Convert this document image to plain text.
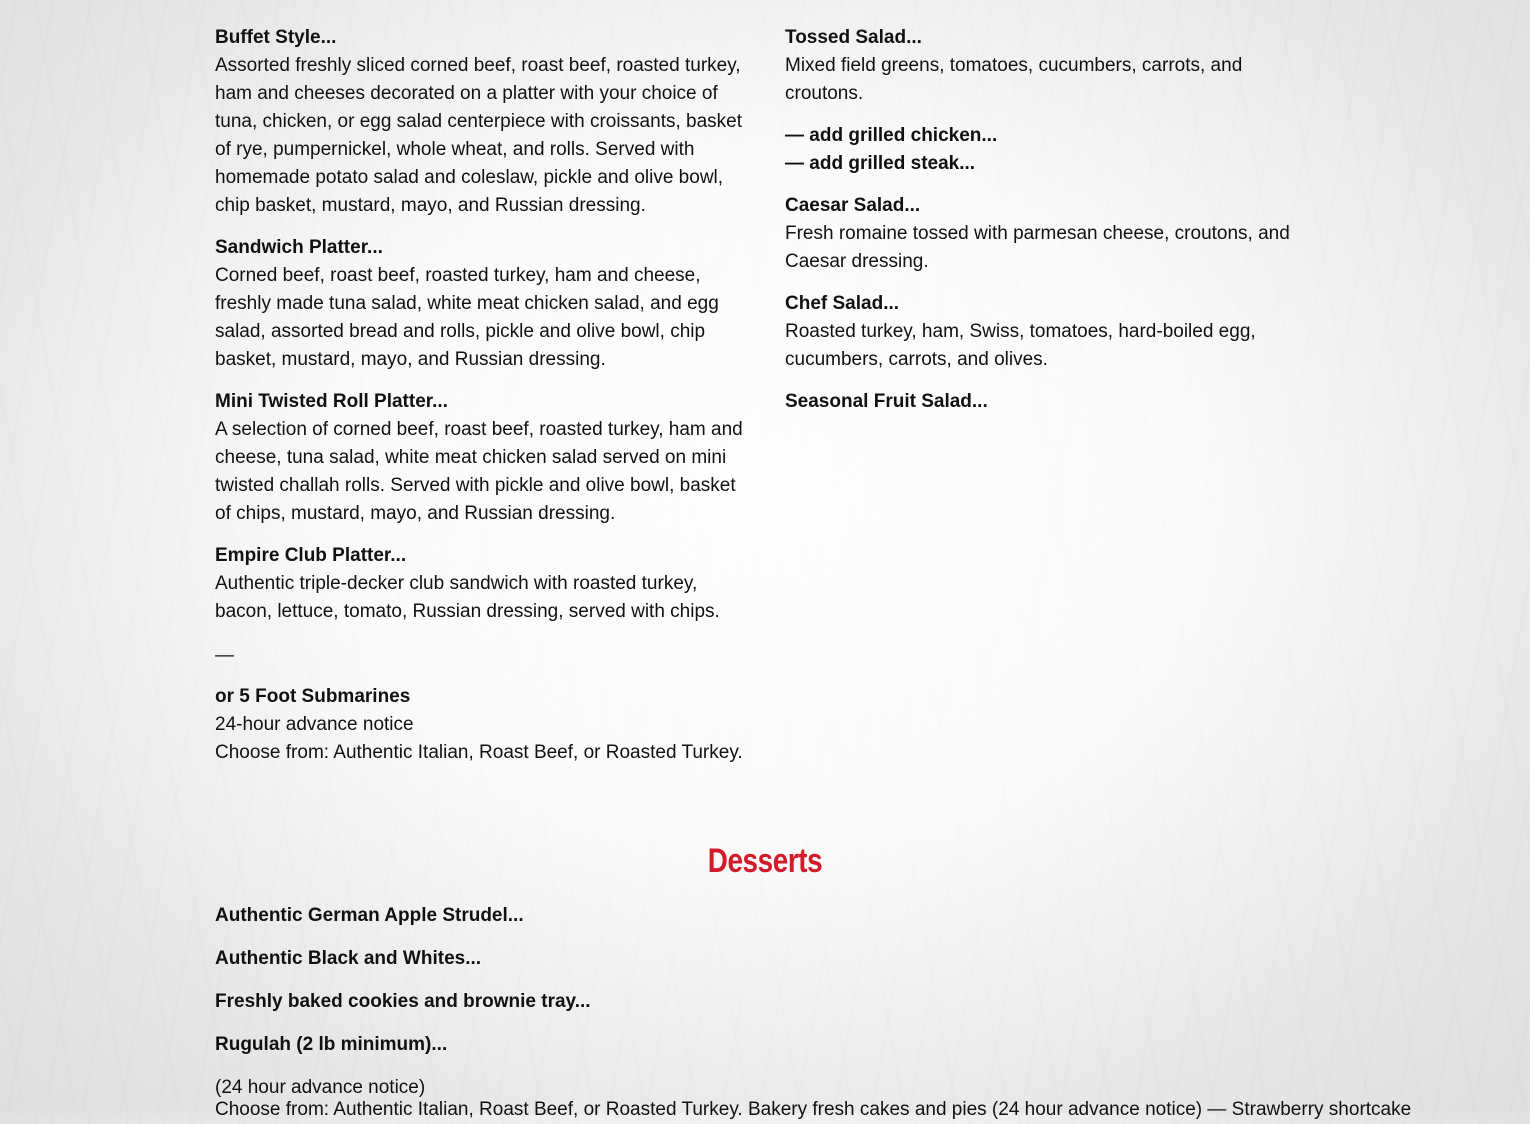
Buffet Style...
Assorted freshly sliced corned beef, roast beef, roasted turkey, ham and cheeses decorated on a platter with your choice of tuna, chicken, or egg salad centerpiece with croissants, basket of rye, pumpernickel, whole wheat, and rolls. Served with homemade potato salad and coleslaw, pickle and olive bowl, chip basket, mustard, mayo, and Russian dressing.
Sandwich Platter...
Corned beef, roast beef, roasted turkey, ham and cheese, freshly made tuna salad, white meat chicken salad, and egg salad, assorted bread and rolls, pickle and olive bowl, chip basket, mustard, mayo, and Russian dressing.
Mini Twisted Roll Platter...
A selection of corned beef, roast beef, roasted turkey, ham and cheese, tuna salad, white meat chicken salad served on mini twisted challah rolls. Served with pickle and olive bowl, basket of chips, mustard, mayo, and Russian dressing.
Empire Club Platter...
Authentic triple-decker club sandwich with roasted turkey, bacon, lettuce, tomato, Russian dressing, served with chips.
—
or 5 Foot Submarines
24-hour advance notice
Choose from: Authentic Italian, Roast Beef, or Roasted Turkey.
Tossed Salad...
Mixed field greens, tomatoes, cucumbers, carrots, and croutons.
— add grilled chicken...
— add grilled steak...
Caesar Salad...
Fresh romaine tossed with parmesan cheese, croutons, and Caesar dressing.
Chef Salad...
Roasted turkey, ham, Swiss, tomatoes, hard-boiled egg, cucumbers, carrots, and olives.
Seasonal Fruit Salad...
Desserts
Authentic German Apple Strudel...
Authentic Black and Whites...
Freshly baked cookies and brownie tray...
Rugulah (2 lb minimum)...
(24 hour advance notice)
Choose from: Authentic Italian, Roast Beef, or Roasted Turkey. Bakery fresh cakes and pies (24 hour advance notice) — Strawberry shortcake
